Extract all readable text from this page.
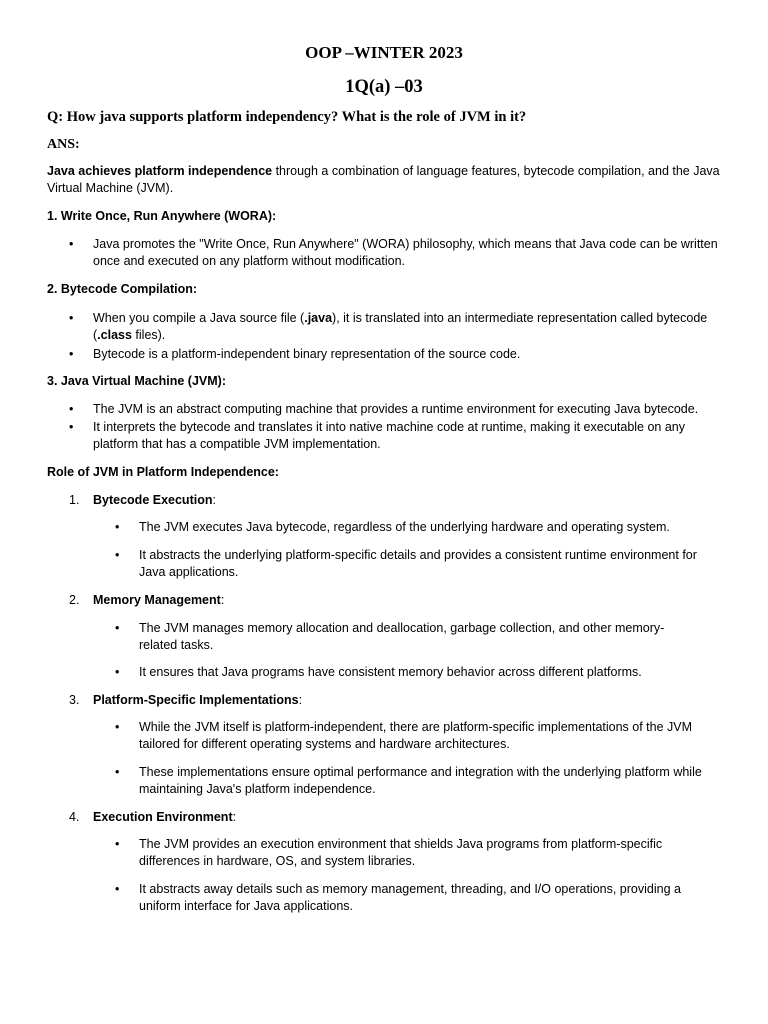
OOP –WINTER 2023
1Q(a) –03
Q: How java supports platform independency? What is the role of JVM in it?
ANS:
Java achieves platform independence through a combination of language features, bytecode compilation, and the Java Virtual Machine (JVM).
1. Write Once, Run Anywhere (WORA):
• Java promotes the "Write Once, Run Anywhere" (WORA) philosophy, which means that Java code can be written once and executed on any platform without modification.
2. Bytecode Compilation:
• When you compile a Java source file (.java), it is translated into an intermediate representation called bytecode (.class files).
• Bytecode is a platform-independent binary representation of the source code.
3. Java Virtual Machine (JVM):
• The JVM is an abstract computing machine that provides a runtime environment for executing Java bytecode.
• It interprets the bytecode and translates it into native machine code at runtime, making it executable on any platform that has a compatible JVM implementation.
Role of JVM in Platform Independence:
1. Bytecode Execution:
• The JVM executes Java bytecode, regardless of the underlying hardware and operating system.
• It abstracts the underlying platform-specific details and provides a consistent runtime environment for Java applications.
2. Memory Management:
• The JVM manages memory allocation and deallocation, garbage collection, and other memory-related tasks.
• It ensures that Java programs have consistent memory behavior across different platforms.
3. Platform-Specific Implementations:
• While the JVM itself is platform-independent, there are platform-specific implementations of the JVM tailored for different operating systems and hardware architectures.
• These implementations ensure optimal performance and integration with the underlying platform while maintaining Java's platform independence.
4. Execution Environment:
• The JVM provides an execution environment that shields Java programs from platform-specific differences in hardware, OS, and system libraries.
• It abstracts away details such as memory management, threading, and I/O operations, providing a uniform interface for Java applications.
